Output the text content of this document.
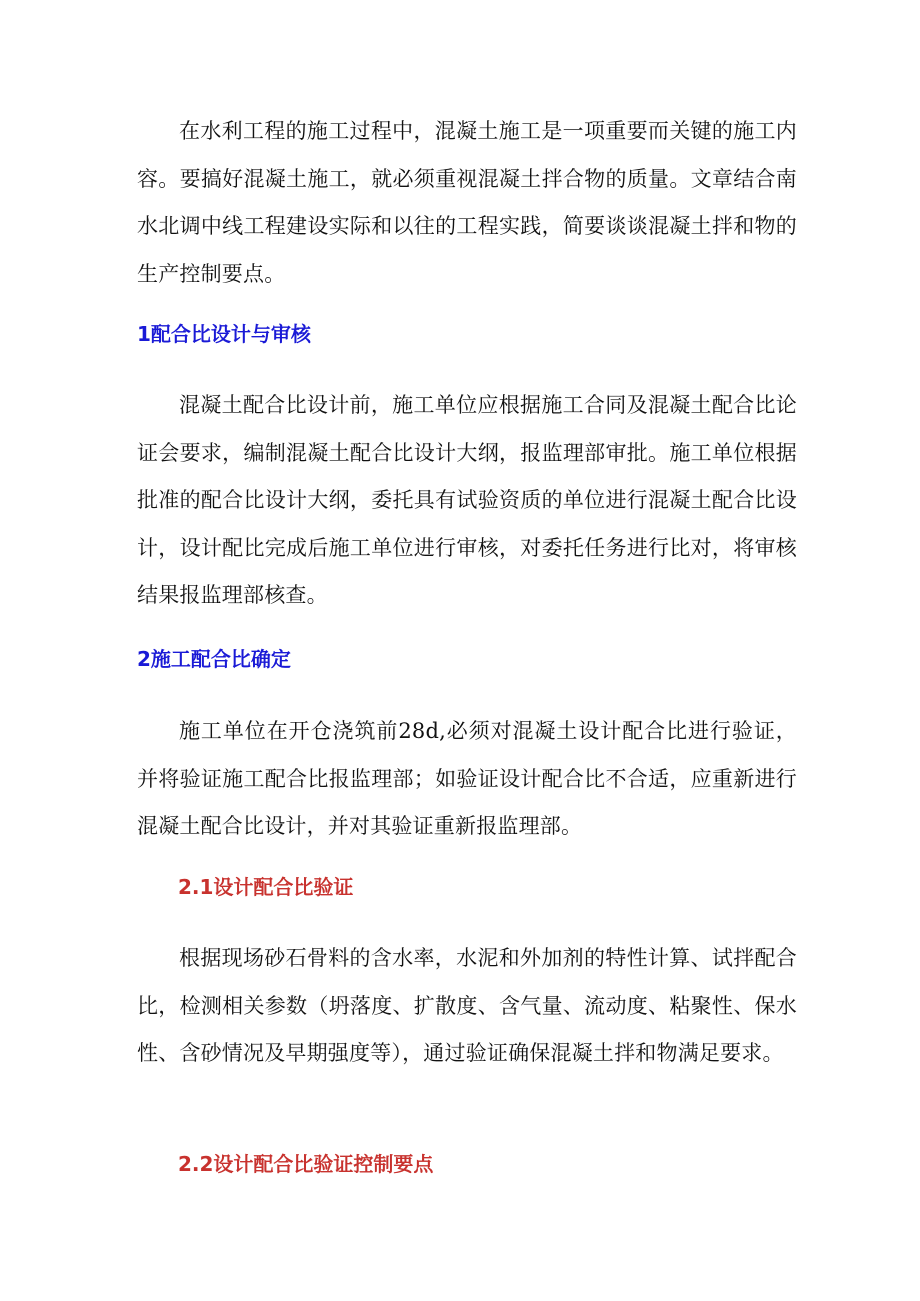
在水利工程的施工过程中，混凝土施工是一项重要而关键的施工内容。要搞好混凝土施工，就必须重视混凝土拌合物的质量。文章结合南水北调中线工程建设实际和以往的工程实践，简要谈谈混凝土拌和物的生产控制要点。

1配合比设计与审核

混凝土配合比设计前，施工单位应根据施工合同及混凝土配合比论证会要求，编制混凝土配合比设计大纲，报监理部审批。施工单位根据批准的配合比设计大纲，委托具有试验资质的单位进行混凝土配合比设计，设计配比完成后施工单位进行审核，对委托任务进行比对，将审核结果报监理部核查。

2施工配合比确定

施工单位在开仓浇筑前28d,必须对混凝土设计配合比进行验证，并将验证施工配合比报监理部；如验证设计配合比不合适，应重新进行混凝土配合比设计，并对其验证重新报监理部。

2.1设计配合比验证

根据现场砂石骨料的含水率，水泥和外加剂的特性计算、试拌配合比，检测相关参数（坍落度、扩散度、含气量、流动度、粘聚性、保水性、含砂情况及早期强度等），通过验证确保混凝土拌和物满足要求。

2.2设计配合比验证控制要点
